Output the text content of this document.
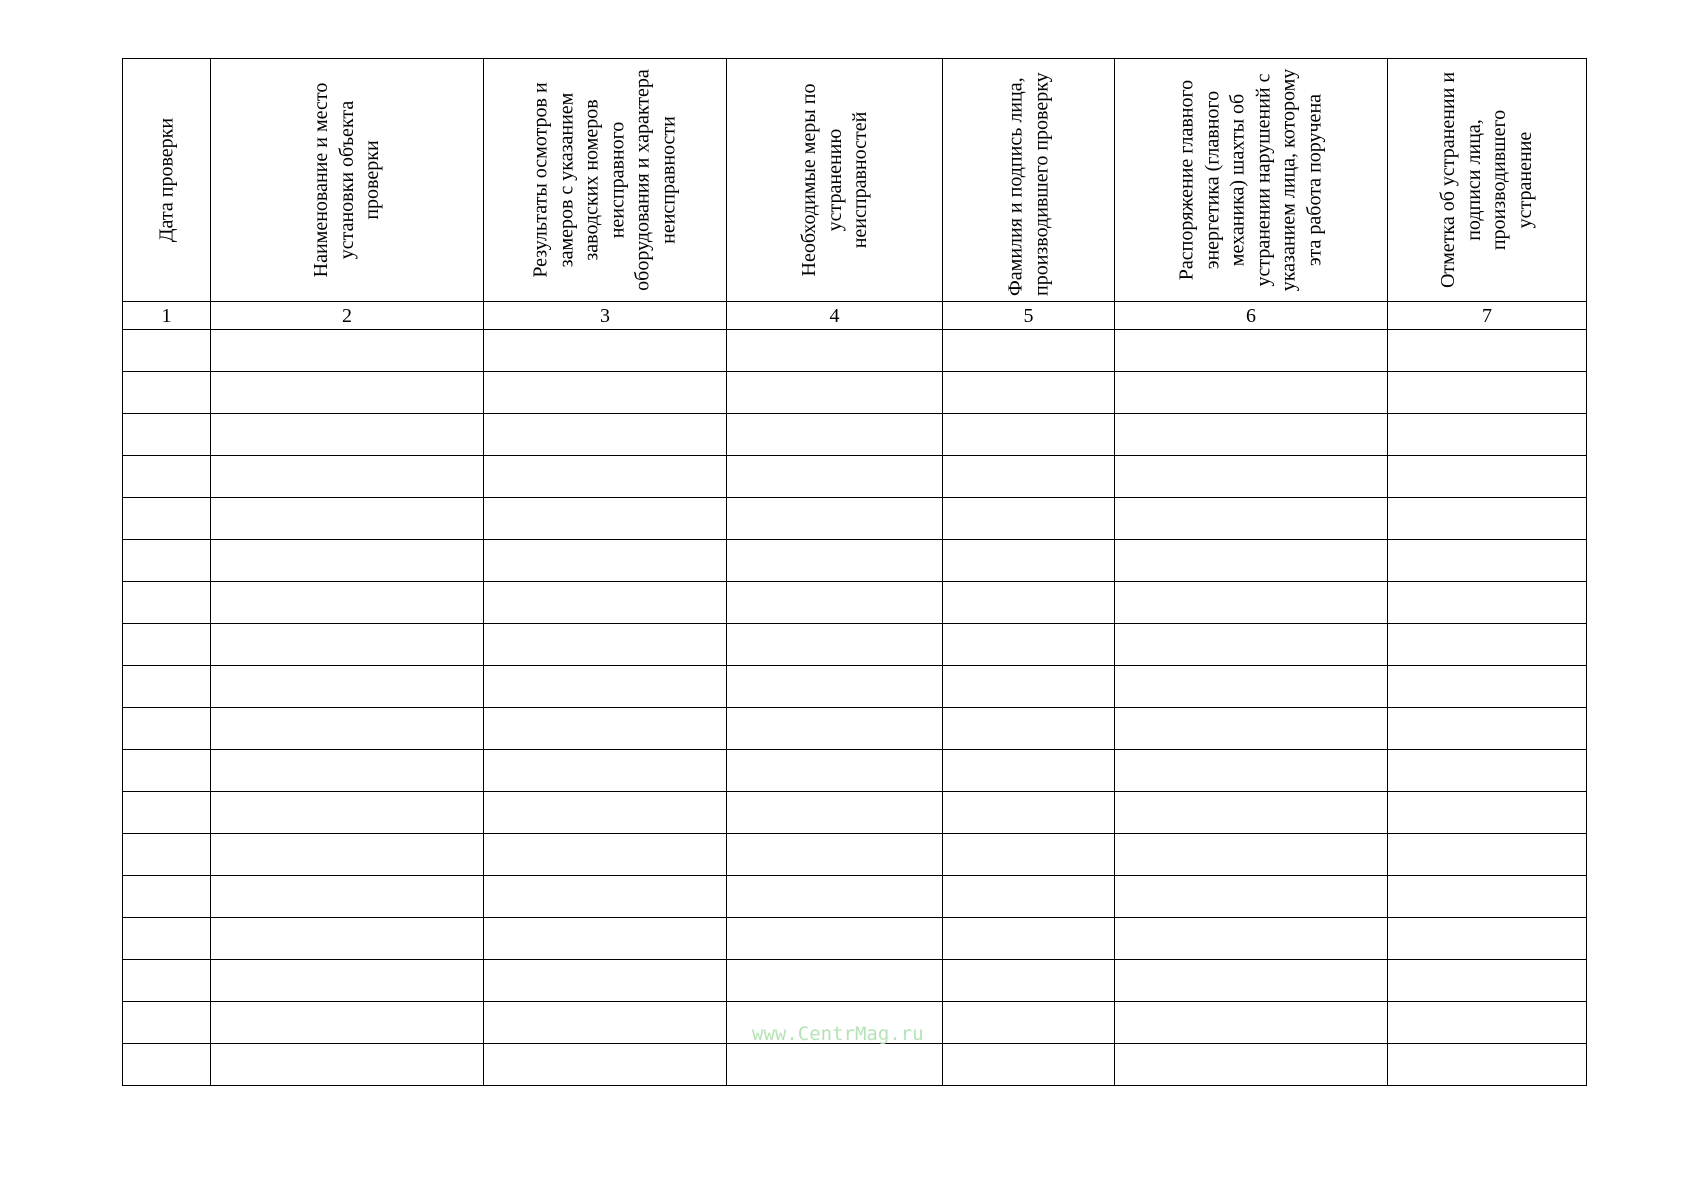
Дата проверки	Наименование и место установки объекта проверки	Результаты осмотров и замеров с указанием заводских номеров неисправного оборудования и характера неисправности	Необходимые меры по устранению неисправностей	Фамилия и подпись лица, производившего проверку	Распоряжение главного энергетика (главного механика) шахты об устранении нарушений с указанием лица, которому эта работа поручена	Отметка об устранении и подписи лица, производившего устранение

1	2	3	4	5	6	7

www.CentrMag.ru
